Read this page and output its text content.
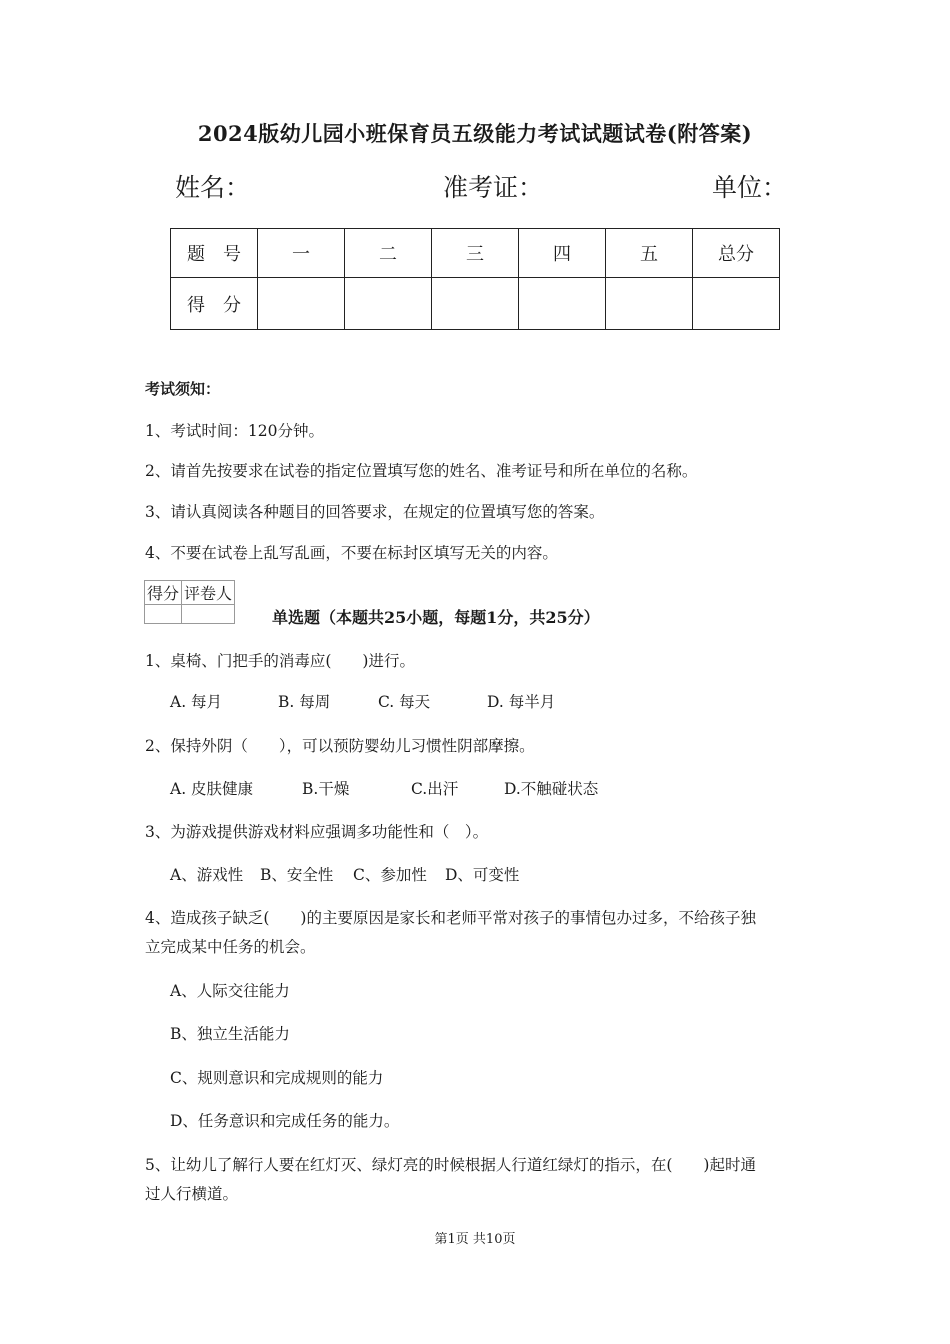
2024版幼儿园小班保育员五级能力考试试题试卷(附答案)
姓名：	准考证：	单位：
题　号	一	二	三	四	五	总分
得　分						
考试须知：
1、考试时间：120分钟。
2、请首先按要求在试卷的指定位置填写您的姓名、准考证号和所在单位的名称。
3、请认真阅读各种题目的回答要求，在规定的位置填写您的答案。
4、不要在试卷上乱写乱画，不要在标封区填写无关的内容。
得分	评卷人

单选题（本题共25小题，每题1分，共25分）
1、桌椅、门把手的消毒应(　　)进行。
A. 每月	B. 每周	C. 每天	D. 每半月
2、保持外阴（　　），可以预防婴幼儿习惯性阴部摩擦。
A. 皮肤健康	B.干燥	C.出汗	D.不触碰状态
3、为游戏提供游戏材料应强调多功能性和（　）。
A、游戏性 B、安全性 C、参加性 D、可变性
4、造成孩子缺乏(　　)的主要原因是家长和老师平常对孩子的事情包办过多，不给孩子独
立完成某中任务的机会。
A、人际交往能力
B、独立生活能力
C、规则意识和完成规则的能力
D、任务意识和完成任务的能力。
5、让幼儿了解行人要在红灯灭、绿灯亮的时候根据人行道红绿灯的指示，在(　　)起时通
过人行横道。
第1页 共10页
